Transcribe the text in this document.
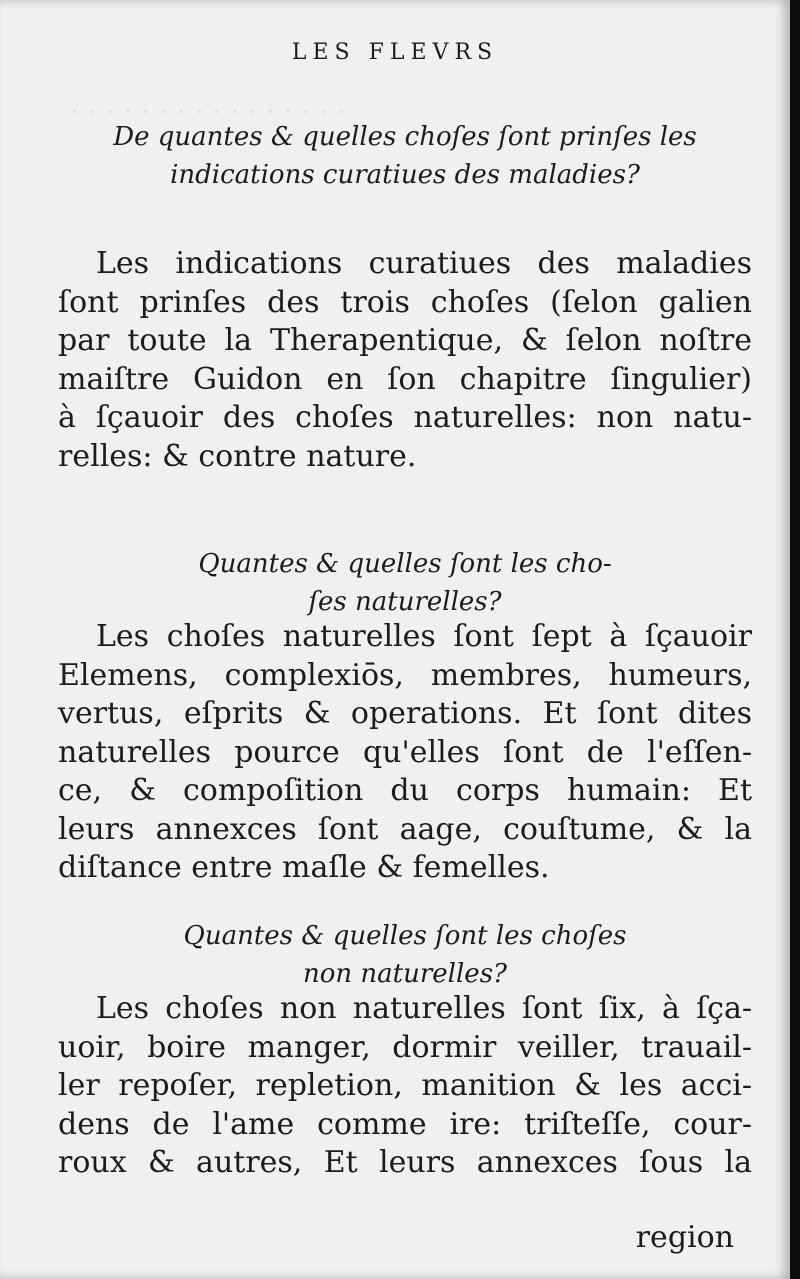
· · · · · · · · · · · · · · · ·
LES FLEVRS
De quantes & quelles choſes ſont prinſes les
indications curatiues des maladies?
Les indications curatiues des maladies
ſont prinſes des trois choſes (ſelon galien
par toute la Therapentique, & ſelon noſtre
maiſtre Guidon en ſon chapitre ſingulier)
à ſçauoir des choſes naturelles: non natu-
relles: & contre nature.
Quantes & quelles ſont les cho-
ſes naturelles?
Les choſes naturelles ſont ſept à ſçauoir
Elemens, complexiōs, membres, humeurs,
vertus, eſprits & operations. Et ſont dites
naturelles pource qu'elles ſont de l'eſſen-
ce, & compoſition du corps humain: Et
leurs annexces ſont aage, couſtume, & la
diſtance entre maſle & femelles.
Quantes & quelles ſont les choſes
non naturelles?
Les choſes non naturelles ſont ſix, à ſça-
uoir, boire manger, dormir veiller, trauail-
ler repoſer, repletion, manition & les acci-
dens de l'ame comme ire: triſteſſe, cour-
roux & autres, Et leurs annexces ſous la
region
